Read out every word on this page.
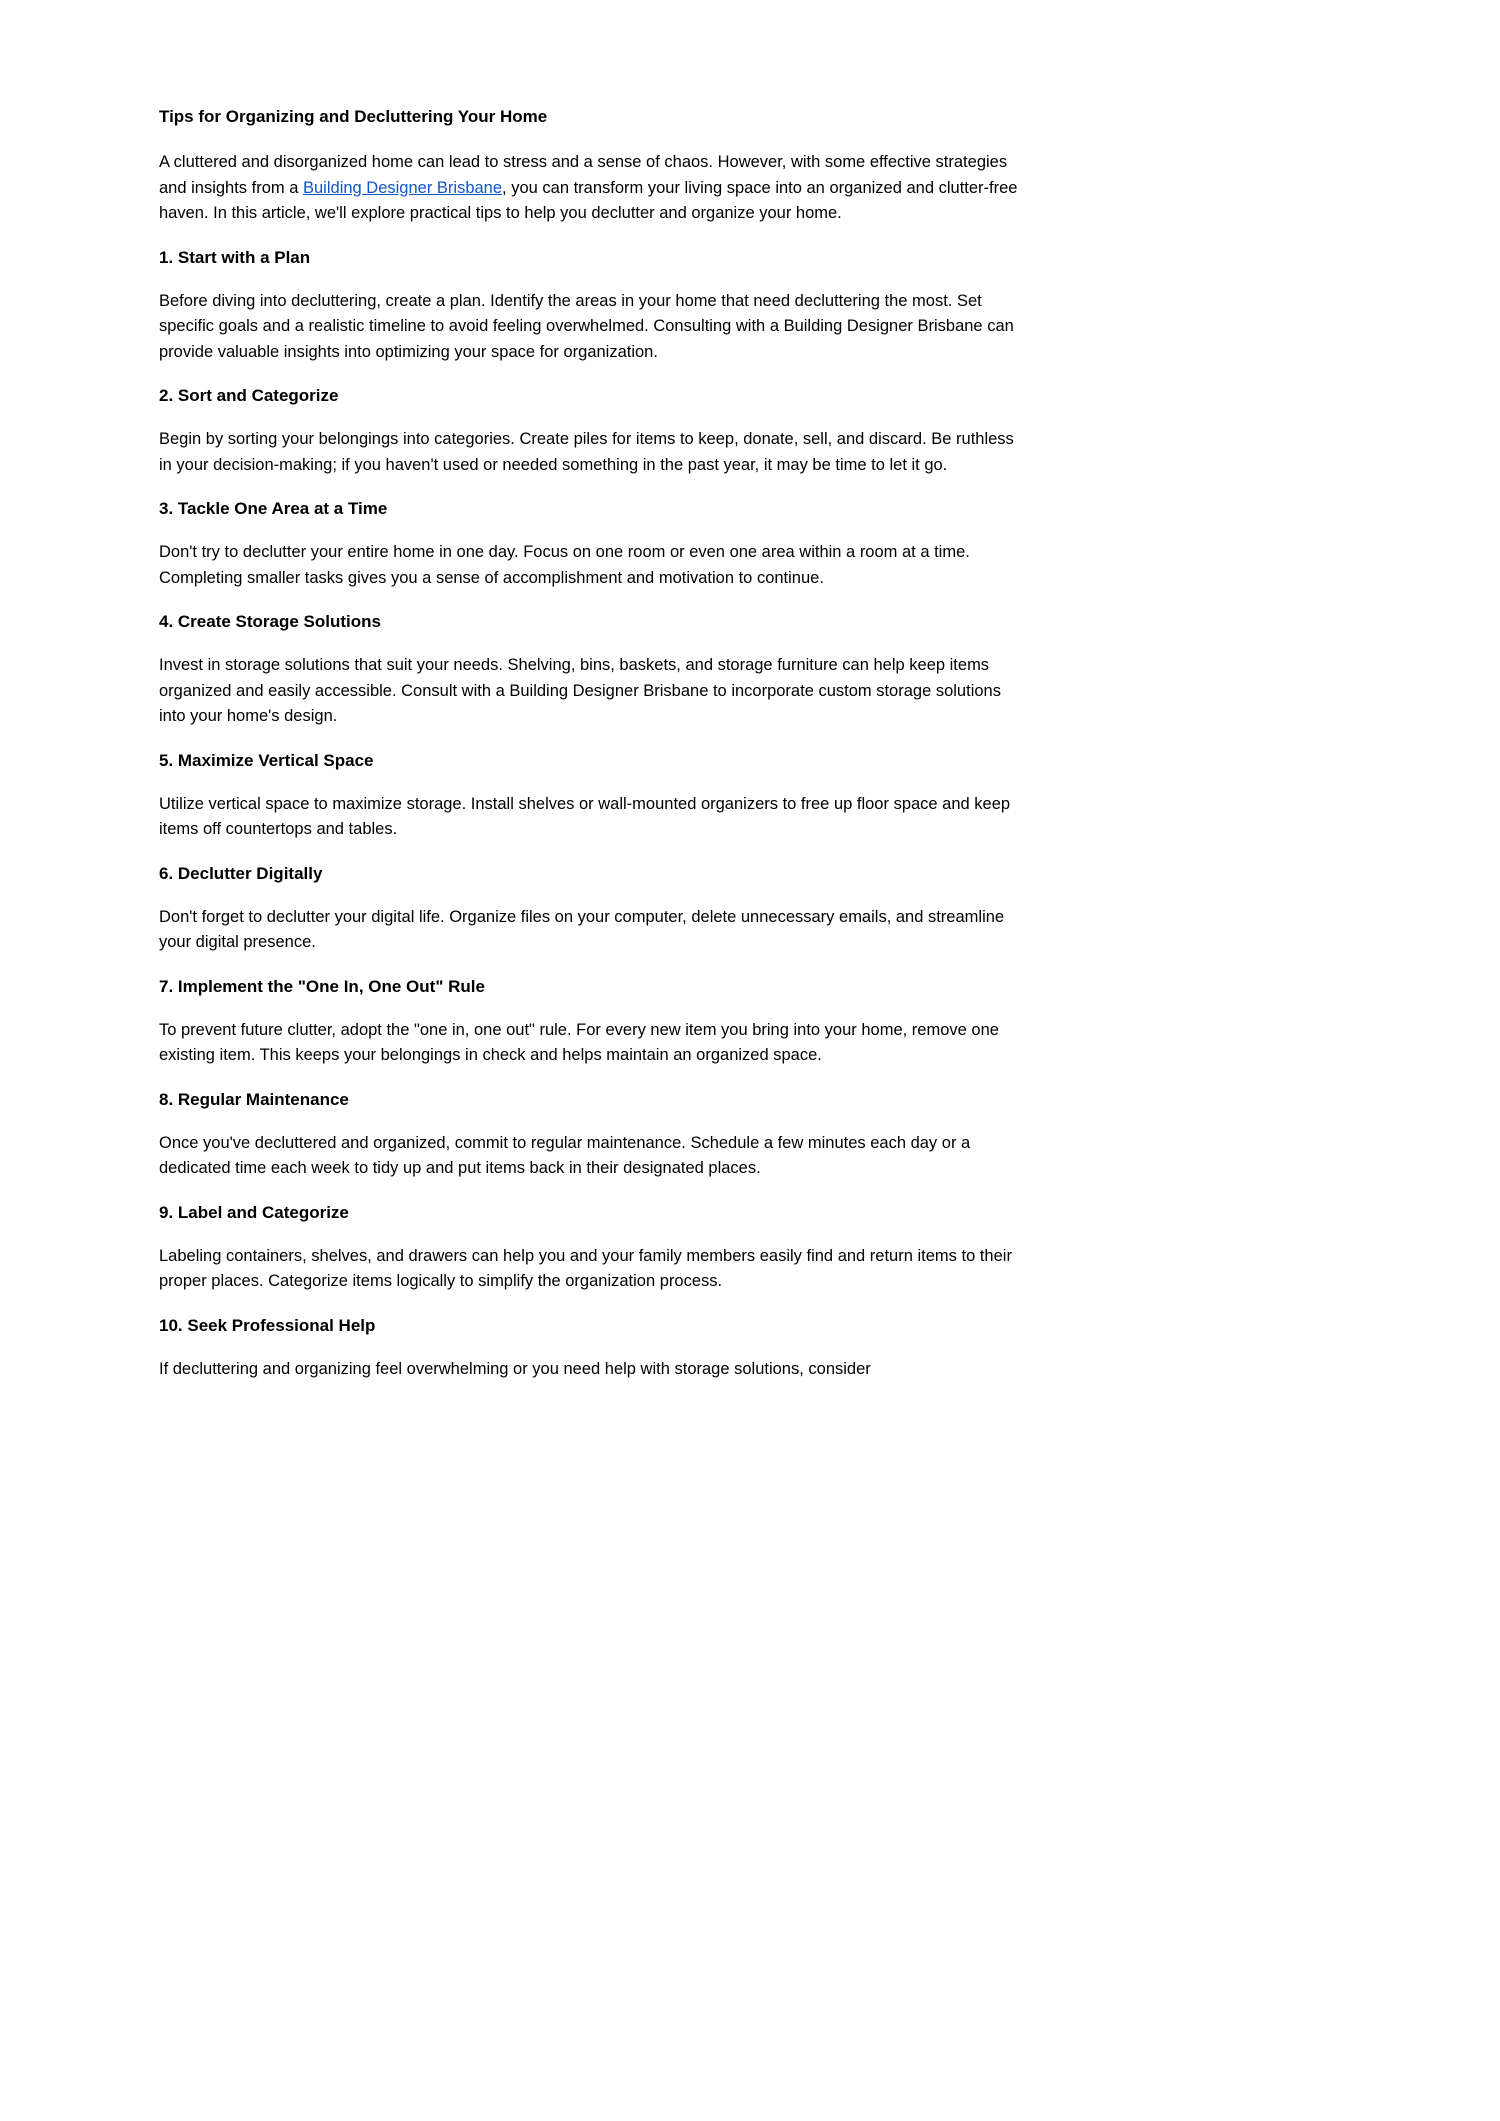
Tips for Organizing and Decluttering Your Home

A cluttered and disorganized home can lead to stress and a sense of chaos. However, with some effective strategies and insights from a Building Designer Brisbane, you can transform your living space into an organized and clutter-free haven. In this article, we'll explore practical tips to help you declutter and organize your home.

1. Start with a Plan

Before diving into decluttering, create a plan. Identify the areas in your home that need decluttering the most. Set specific goals and a realistic timeline to avoid feeling overwhelmed. Consulting with a Building Designer Brisbane can provide valuable insights into optimizing your space for organization.

2. Sort and Categorize

Begin by sorting your belongings into categories. Create piles for items to keep, donate, sell, and discard. Be ruthless in your decision-making; if you haven't used or needed something in the past year, it may be time to let it go.

3. Tackle One Area at a Time

Don't try to declutter your entire home in one day. Focus on one room or even one area within a room at a time. Completing smaller tasks gives you a sense of accomplishment and motivation to continue.

4. Create Storage Solutions

Invest in storage solutions that suit your needs. Shelving, bins, baskets, and storage furniture can help keep items organized and easily accessible. Consult with a Building Designer Brisbane to incorporate custom storage solutions into your home's design.

5. Maximize Vertical Space

Utilize vertical space to maximize storage. Install shelves or wall-mounted organizers to free up floor space and keep items off countertops and tables.

6. Declutter Digitally

Don't forget to declutter your digital life. Organize files on your computer, delete unnecessary emails, and streamline your digital presence.

7. Implement the "One In, One Out" Rule

To prevent future clutter, adopt the "one in, one out" rule. For every new item you bring into your home, remove one existing item. This keeps your belongings in check and helps maintain an organized space.

8. Regular Maintenance

Once you've decluttered and organized, commit to regular maintenance. Schedule a few minutes each day or a dedicated time each week to tidy up and put items back in their designated places.

9. Label and Categorize

Labeling containers, shelves, and drawers can help you and your family members easily find and return items to their proper places. Categorize items logically to simplify the organization process.

10. Seek Professional Help

If decluttering and organizing feel overwhelming or you need help with storage solutions, consider
